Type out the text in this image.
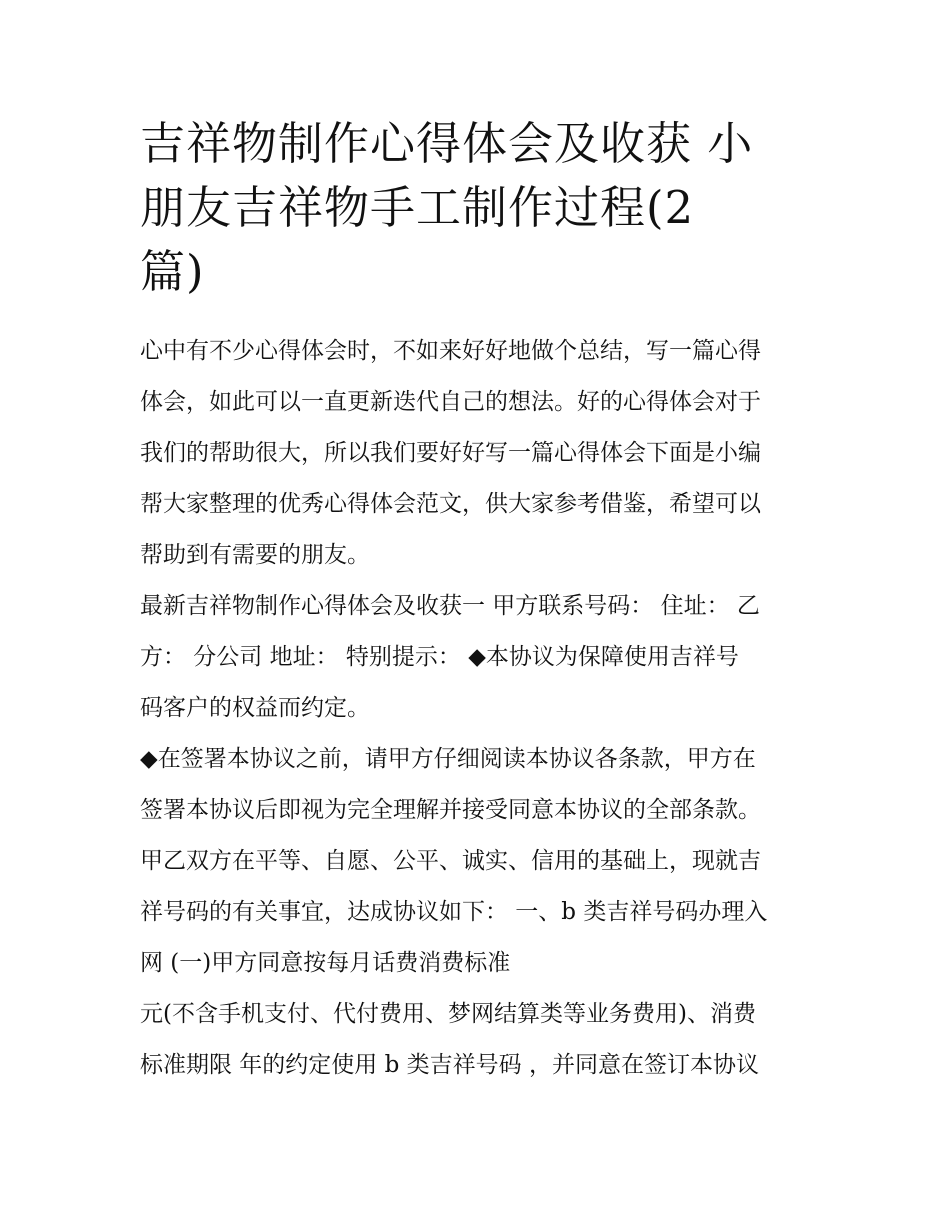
吉祥物制作心得体会及收获 小
朋友吉祥物手工制作过程(2
篇)
心中有不少心得体会时，不如来好好地做个总结，写一篇心得
体会，如此可以一直更新迭代自己的想法。好的心得体会对于
我们的帮助很大，所以我们要好好写一篇心得体会下面是小编
帮大家整理的优秀心得体会范文，供大家参考借鉴，希望可以
帮助到有需要的朋友。
最新吉祥物制作心得体会及收获一 甲方联系号码： 住址： 乙
方： 分公司 地址： 特别提示： ◆本协议为保障使用吉祥号
码客户的权益而约定。
◆在签署本协议之前，请甲方仔细阅读本协议各条款，甲方在
签署本协议后即视为完全理解并接受同意本协议的全部条款。
甲乙双方在平等、自愿、公平、诚实、信用的基础上，现就吉
祥号码的有关事宜，达成协议如下： 一、b 类吉祥号码办理入
网 (一)甲方同意按每月话费消费标准
元(不含手机支付、代付费用、梦网结算类等业务费用)、消费
标准期限 年的约定使用 b 类吉祥号码 ，并同意在签订本协议
